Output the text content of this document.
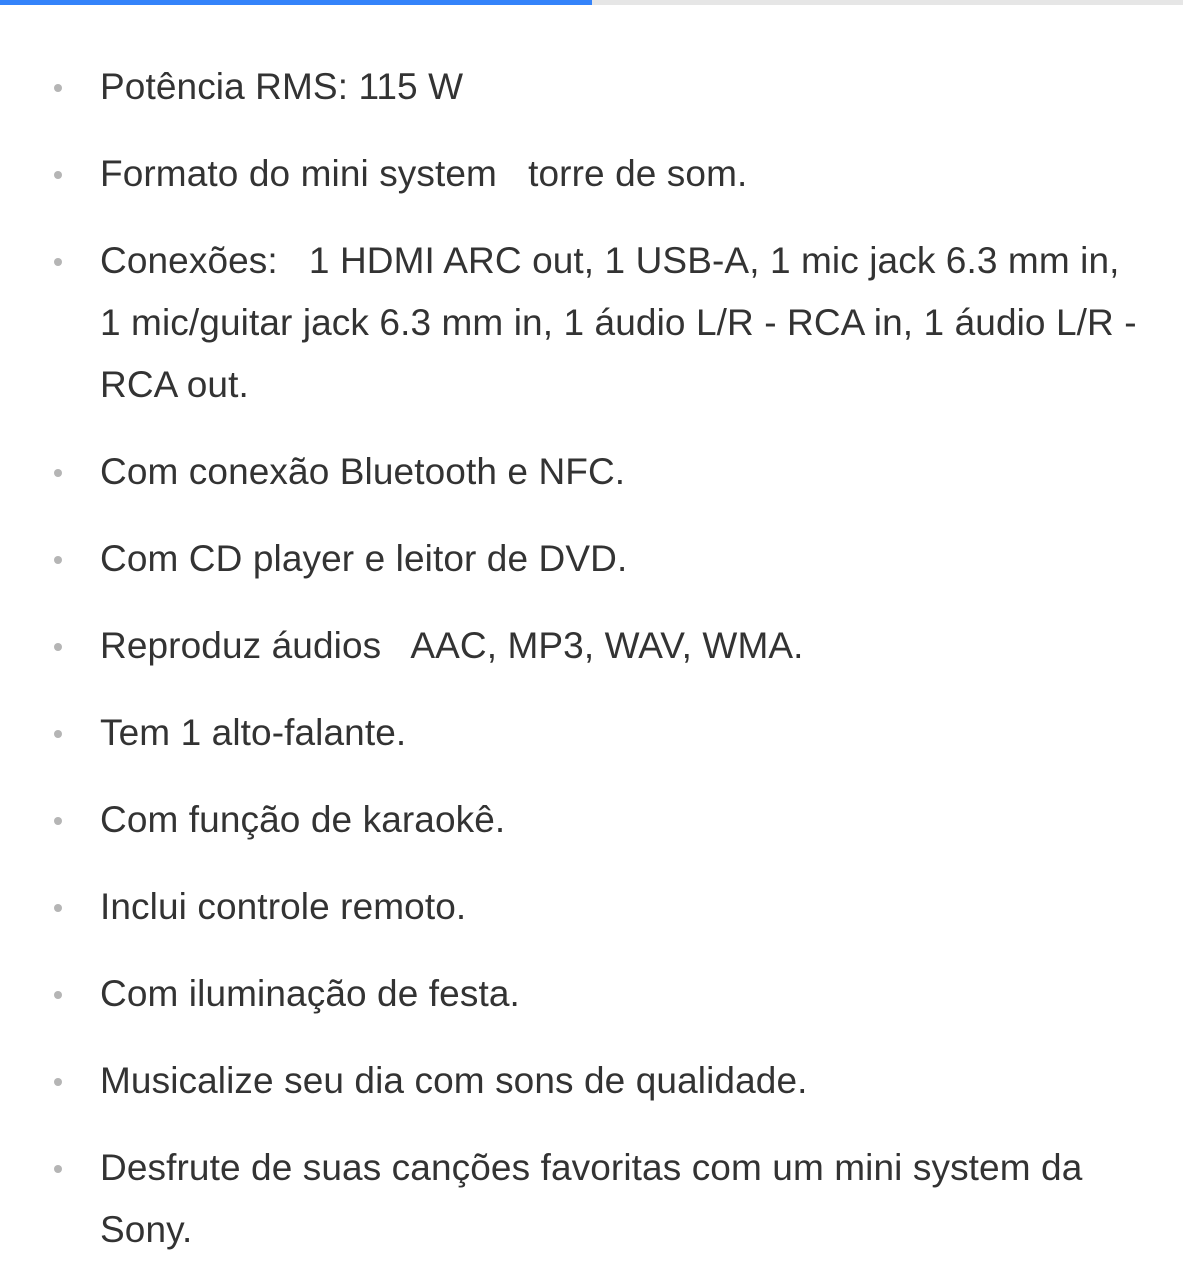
Potência RMS: 115 W
Formato do mini system   torre de som.
Conexões:   1 HDMI ARC out, 1 USB-A, 1 mic jack 6.3 mm in, 1 mic/guitar jack 6.3 mm in, 1 áudio L/R - RCA in, 1 áudio L/R - RCA out.
Com conexão Bluetooth e NFC.
Com CD player e leitor de DVD.
Reproduz áudios   AAC, MP3, WAV, WMA.
Tem 1 alto-falante.
Com função de karaokê.
Inclui controle remoto.
Com iluminação de festa.
Musicalize seu dia com sons de qualidade.
Desfrute de suas canções favoritas com um mini system da   Sony.
